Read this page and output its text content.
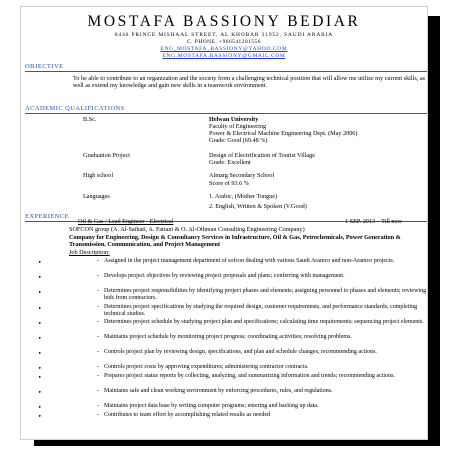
MOSTAFA BASSIONY BEDIAR
8446 PRINCE MISHAAL STREET, AL KHOBAR 31952, SAUDI ARABIA
C. PHONE. +966541201556
ENG_MOSTAFA_BASSIONY@YAHOO.COM
ENG.MOSTAFA.BASSIONY@GMAIL.COM
OBJECTIVE
To be able to contribute to an organization and the society from a challenging technical position that will allow me utilize my current skills, as well as extend my knowledge and gain new skills in a teamwork environment.
ACADEMIC QUALIFICATIONS
B.Sc.	Helwan University
Faculty of Engineering
Power & Electrical Machine Engineering Dept. (May 2006)
Grade: Good (69.48 %)
Graduation Project	Design of Electrification of Tourist Village
Grade: Excellent
High school	Almarg Secondary School
Score of 93.6 %
Languages	1. Arabic, (Mother Tongue)
2. English, Written & Spoken (V.Good)
EXPERIENCE
Oil & Gas / Lead Engineer - Electrical	1 SEP. 2013 – Till now
SOFCON group (A. Al-Saihati, A. Fattani & O. Al-Othman Consulting Engineering Company)
Company for Engineering, Design & Consultancy Services in Infrastructure, Oil & Gas, Petrochemicals, Power Generation & Transmission, Communication, and Project Management
Job Description:
▸	- Assigned in the project management department of sofcon dealing with various Saudi Aramco and non-Aramco projects.
▸	- Develops project objectives by reviewing project proposals and plans; conferring with management.
▸	- Determines project responsibilities by identifying project phases and elements; assigning personnel to phases and elements; reviewing bids from contractors.
▸	- Determines project specifications by studying the required design, customer requirements, and performance standards; completing technical studies.
▸	- Determines project schedule by studying project plan and specifications; calculating time requirements; sequencing project elements.
▸	- Maintains project schedule by monitoring project progress; coordinating activities; resolving problems.
▸	- Controls project plan by reviewing design, specifications, and plan and schedule changes; recommending actions.
▸	- Controls project costs by approving expenditures; administering contractor contracts.
▸	- Prepares project status reports by collecting, analyzing, and summarizing information and trends; recommending actions.
▸	- Maintains safe and clean working environment by enforcing procedures, rules, and regulations.
▸	- Maintains project data base by writing computer programs; entering and backing up data.
▸	- Contributes to team effort by accomplishing related results as needed
